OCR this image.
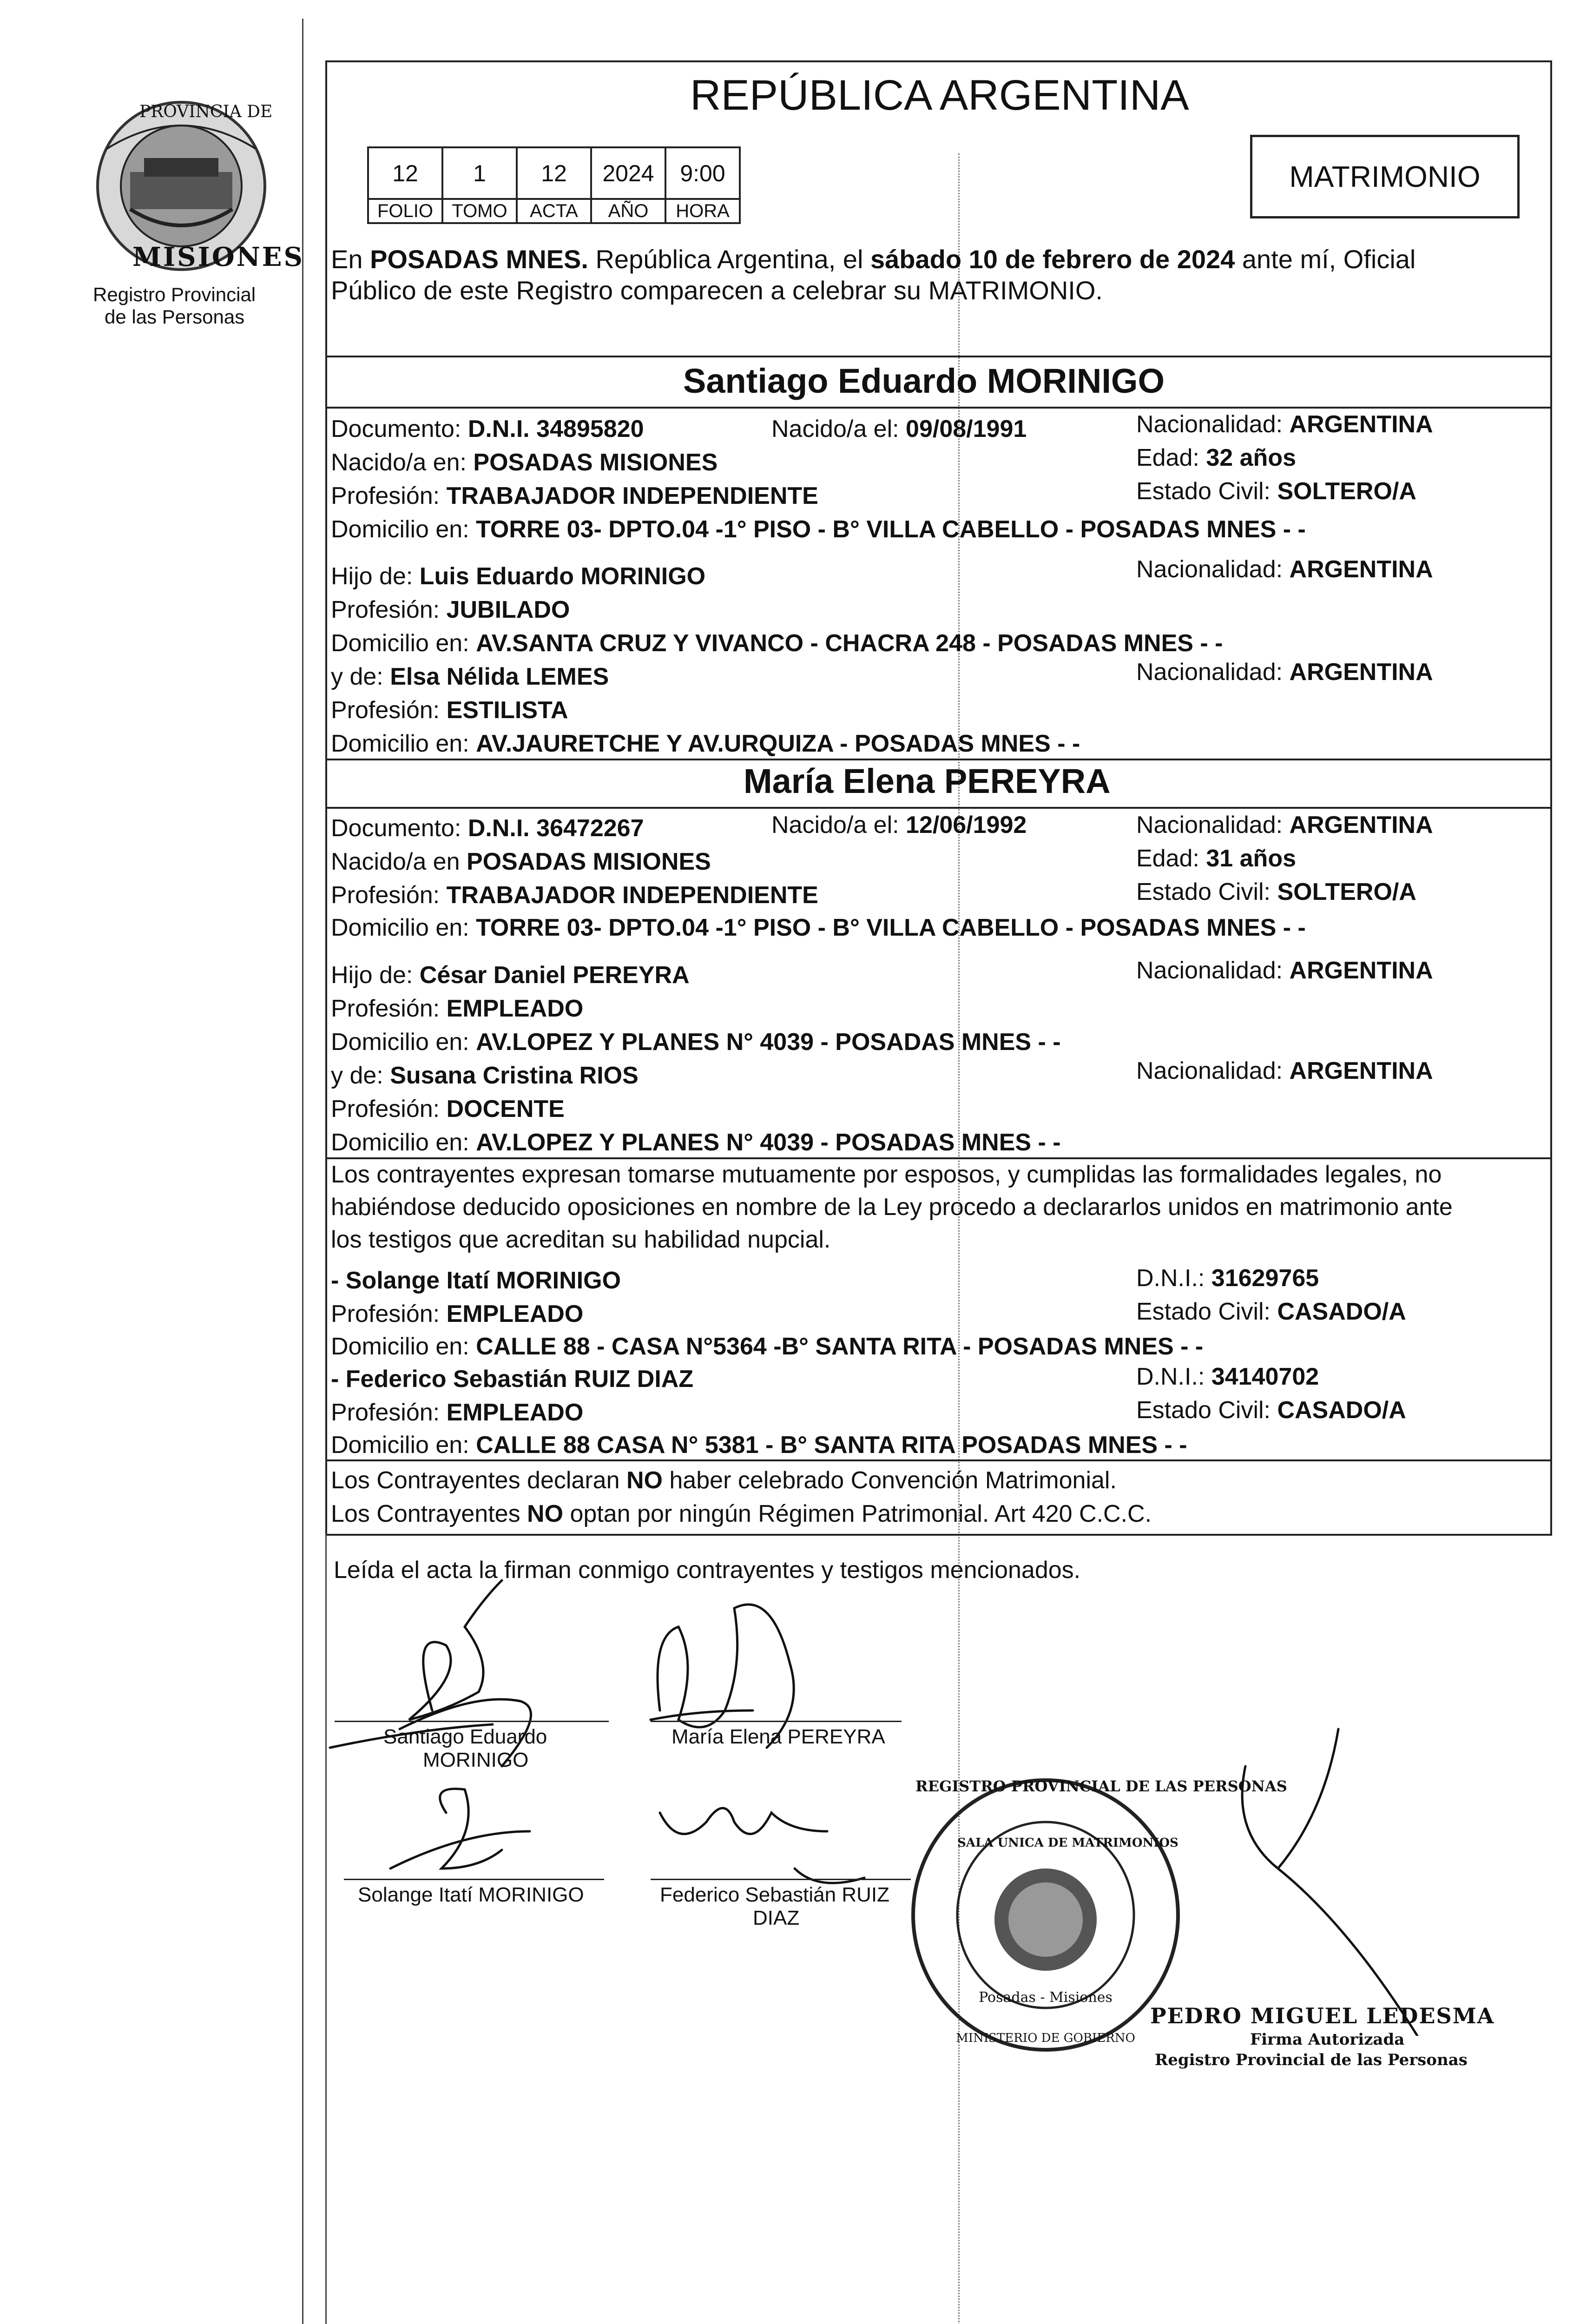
PROVINCIA DE
MISIONES
Registro Provincial
de las Personas
REPÚBLICA ARGENTINA
12	1	12	2024	9:00
FOLIO	TOMO	ACTA	AÑO	HORA
MATRIMONIO
En POSADAS MNES. República Argentina, el sábado 10 de febrero de 2024 ante mí, Oficial
Público de este Registro comparecen a celebrar su MATRIMONIO.
Santiago Eduardo MORINIGO
Documento: D.N.I. 34895820	Nacido/a el: 09/08/1991	Nacionalidad: ARGENTINA
Nacido/a en: POSADAS MISIONES	Edad: 32 años
Profesión: TRABAJADOR INDEPENDIENTE	Estado Civil: SOLTERO/A
Domicilio en: TORRE 03- DPTO.04 -1° PISO - B° VILLA CABELLO - POSADAS MNES - -
Hijo de: Luis Eduardo MORINIGO	Nacionalidad: ARGENTINA
Profesión: JUBILADO
Domicilio en: AV.SANTA CRUZ Y VIVANCO - CHACRA 248 - POSADAS MNES - -
y de: Elsa Nélida LEMES	Nacionalidad: ARGENTINA
Profesión: ESTILISTA
Domicilio en: AV.JAURETCHE Y AV.URQUIZA - POSADAS MNES - -
María Elena PEREYRA
Documento: D.N.I. 36472267	Nacido/a el: 12/06/1992	Nacionalidad: ARGENTINA
Nacido/a en POSADAS MISIONES	Edad: 31 años
Profesión: TRABAJADOR INDEPENDIENTE	Estado Civil: SOLTERO/A
Domicilio en: TORRE 03- DPTO.04 -1° PISO - B° VILLA CABELLO - POSADAS MNES - -
Hijo de: César Daniel PEREYRA	Nacionalidad: ARGENTINA
Profesión: EMPLEADO
Domicilio en: AV.LOPEZ Y PLANES N° 4039 - POSADAS MNES - -
y de: Susana Cristina RIOS	Nacionalidad: ARGENTINA
Profesión: DOCENTE
Domicilio en: AV.LOPEZ Y PLANES N° 4039 - POSADAS MNES - -
Los contrayentes expresan tomarse mutuamente por esposos, y cumplidas las formalidades legales, no
habiéndose deducido oposiciones en nombre de la Ley procedo a declararlos unidos en matrimonio ante
los testigos que acreditan su habilidad nupcial.
- Solange Itatí MORINIGO	D.N.I.: 31629765
Profesión: EMPLEADO	Estado Civil: CASADO/A
Domicilio en: CALLE 88 - CASA N°5364 -B° SANTA RITA - POSADAS MNES - -
- Federico Sebastián RUIZ DIAZ	D.N.I.: 34140702
Profesión: EMPLEADO	Estado Civil: CASADO/A
Domicilio en: CALLE 88 CASA N° 5381 - B° SANTA RITA POSADAS MNES - -
Los Contrayentes declaran NO haber celebrado Convención Matrimonial.
Los Contrayentes NO optan por ningún Régimen Patrimonial. Art 420 C.C.C.
Leída el acta la firman conmigo contrayentes y testigos mencionados.
Santiago Eduardo
MORINIGO
María Elena PEREYRA
Solange Itatí MORINIGO	Federico Sebastián RUIZ
DIAZ
REGISTRO PROVINCIAL DE LAS PERSONAS
SALA UNICA DE MATRIMONIOS
Posadas - Misiones
MINISTERIO DE GOBIERNO
PEDRO MIGUEL LEDESMA
Firma Autorizada
Registro Provincial de las Personas
